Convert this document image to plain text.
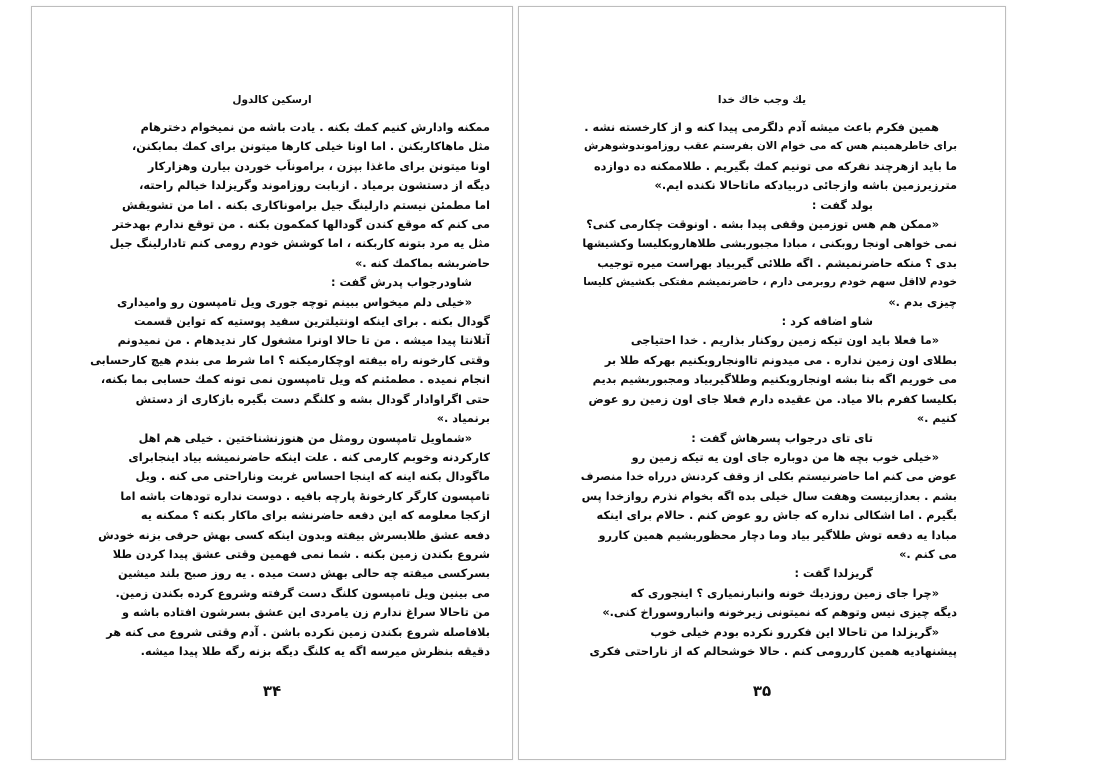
ارسکین کالدول
ممکنه وادارش کنیم کمك بکنه . یادت باشه من نمیخوام دخترهام
مثل ماهاکاربکنن . اما اونا خیلی کارها میتونن برای کمك بمابکنن،
اونا میتونن برای ماغذا بپزن ، براموناَب خوردن بیارن وهزارکار
دیگه از دستشون برمیاد . ازبابت روزاموند وگریزلدا خیالم راحته،
اما مطمئن نیستم دارلینگ جیل براموناکاری بکنه . اما من تشویقش
می کنم که موقع کندن گودالها کمکمون بکنه . من توقع ندارم بهدختر
مثل یه مرد بتونه کاربکنه ، اما کوشش خودم رومی کنم تادارلینگ جیل
حاضربشه بماکمك کنه .»
شاودرجواب پدرش گفت :
«خیلی دلم میخواس ببینم توچه جوری ویل تامپسون رو وامیداری
گودال بکنه . برای اینکه اونتیلترین سفید پوستیه که تواین قسمت
آتلانتا پیدا میشه . من تا حالا اونرا مشغول کار ندیدهام . من نمیدونم
وقتی کارخونه راه بیفته اوچکارمیکنه ؟ اما شرط می بندم هیچ کارحسابی
انجام نمیده . مطمئنم که ویل تامپسون نمی تونه کمك حسابی بما بکنه،
حتی اگراوادار گودال بشه و کلنگم دست بگیره بازکاری از دستش
برنمیاد .»
«شماویل تامپسون رومثل من هنوزنشناختین . خیلی هم اهل
کارکردنه وخوبم کارمی کنه . علت اینکه حاضرنمیشه بیاد اینجابرای
ماگودال بکنه اینه که اینجا احساس غربت وناراحتی می کنه . ویل
تامپسون کارگر کارخونهٔ پارچه بافیه . دوست نداره تودهات باشه اما
ازکجا معلومه که این دفعه حاضرنشه برای ماکار بکنه ؟ ممکنه یه
دفعه عشق طلابسرش بیفته وبدون اینکه کسی بهش حرفی بزنه خودش
شروع بکندن زمین بکنه . شما نمی فهمین وقتی عشق پیدا کردن طلا
بسرکسی میفته چه حالی بهش دست میده . یه روز صبح بلند میشین
می بینین ویل تامپسون کلنگ دست گرفته وشروع کرده بکندن زمین.
من تاحالا سراغ ندارم زن یامردی این عشق بسرشون افتاده باشه و
بلافاصله شروع بکندن زمین نکرده باشن . آدم وقتی شروع می کنه هر
دقیقه بنظرش میرسه اگه یه کلنگ دیگه بزنه رگه طلا پیدا میشه.
۳۴
یك وجب خاك خدا
همین فکرم باعث میشه آدم دلگرمی پیدا کنه و از کارخسته نشه .
برای خاطرهمینم هس که می خوام الان بفرستم عقب روزاموندوشوهرش
ما باید ازهرچند نفرکه می تونیم کمك بگیریم . طلاممکنه ده دوازده
مترزیرزمین باشه وازجائی دربیادکه ماتاحالا نکنده ایم.»
بولد گفت :
«ممکن هم هس توزمین وقفی پیدا بشه . اونوقت چکارمی کنی؟
نمی خواهی اونجا روبکنی ، مبادا مجبوربشی طلاهاروبکلیسا وکشیشها
بدی ؟ منکه حاضرنمیشم . اگه طلائی گیربیاد بهراست میره توجیب
خودم لااقل سهم خودم روبرمی دارم ، حاضرنمیشم مفتکی بکشیش کلیسا
چیزی بدم .»
شاو اضافه کرد :
«ما فعلا باید اون تیکه زمین روکنار بذاریم . خدا احتیاجی
بطلای اون زمین نداره . می میدونم تااونجاروبکنیم بهرکه طلا بر
می خوریم اگه بنا بشه اونجاروبکنیم وطلاگیربیاد ومجبوربشیم بدیم
بکلیسا کفرم بالا میاد. من عقیده دارم فعلا جای اون زمین رو عوض
کنیم .»
تای تای درجواب پسرهاش گفت :
«خیلی خوب بچه ها من دوباره جای اون یه تیکه زمین رو
عوض می کنم اما حاضرنیستم بکلی از وقف کردنش درراه خدا منصرف
بشم . بعدازبیست وهفت سال خیلی بده اگه بخوام نذرم روازخدا پس
بگیرم . اما اشکالی نداره که جاش رو عوض کنم . حالام برای اینکه
مبادا یه دفعه توش طلاگیر بیاد وما دچار محظوربشیم همین کاررو
می کنم .»
گریزلدا گفت :
«چرا جای زمین روزدیك خونه وانبارنمیاری ؟ اینجوری که
دیگه چیزی نیس وتوهم که نمیتونی زیرخونه وانباروسوراخ کنی.»
«گریزلدا من تاحالا این فکررو نکرده بودم خیلی خوب
پیشنهادیه همین کاررومی کنم . حالا خوشحالم که از ناراحتی فکری
۳۵
